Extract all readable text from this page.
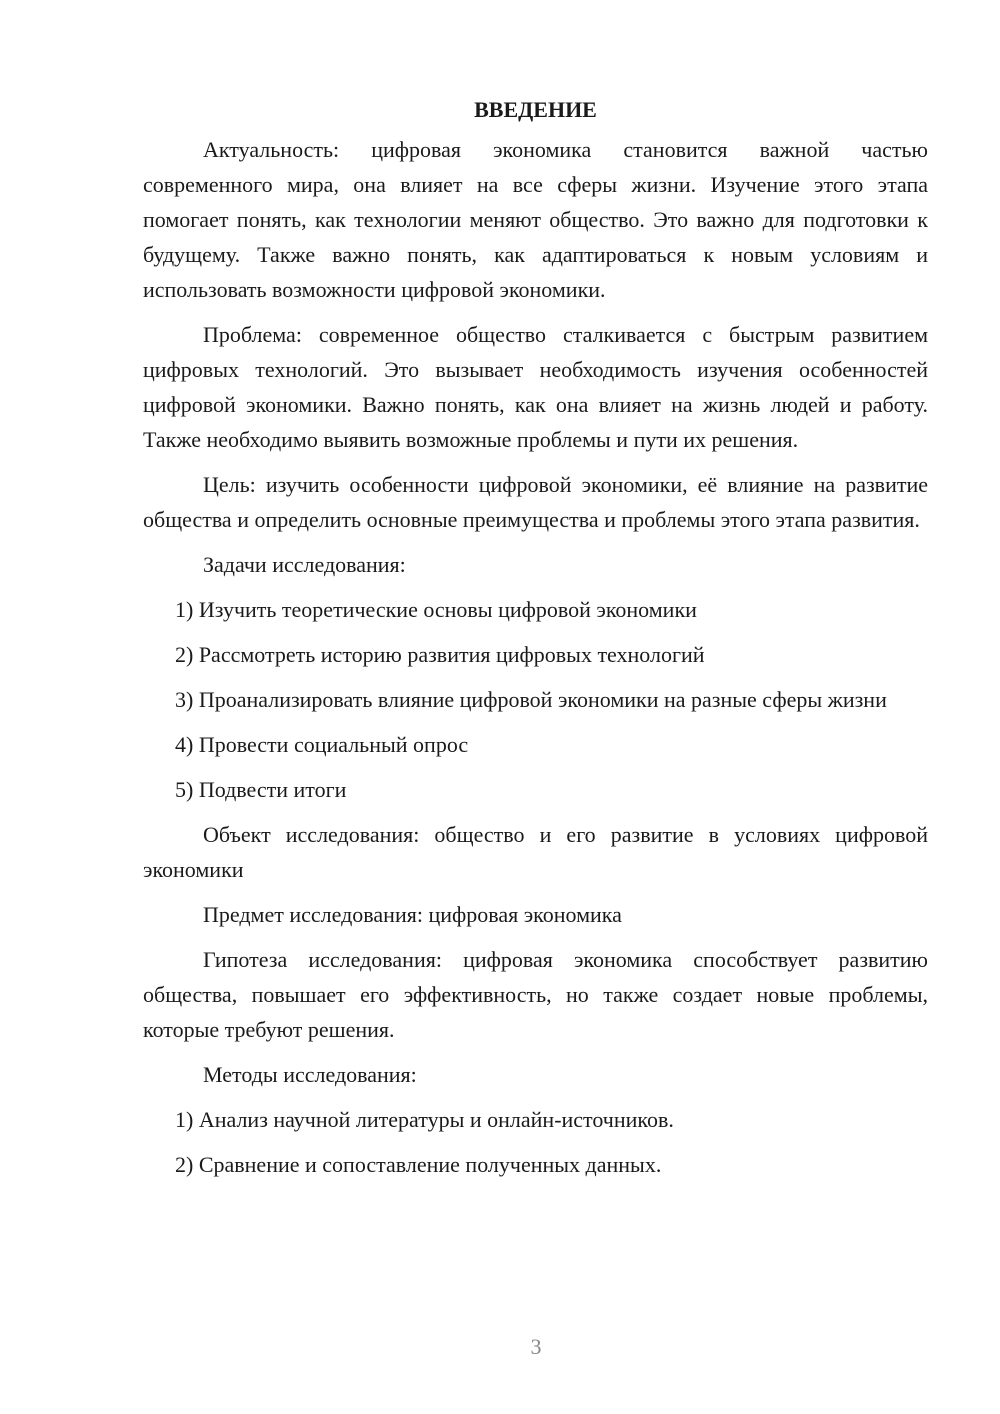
ВВЕДЕНИЕ

Актуальность: цифровая экономика становится важной частью современного мира, она влияет на все сферы жизни. Изучение этого этапа помогает понять, как технологии меняют общество. Это важно для подготовки к будущему. Также важно понять, как адаптироваться к новым условиям и использовать возможности цифровой экономики.

Проблема: современное общество сталкивается с быстрым развитием цифровых технологий. Это вызывает необходимость изучения особенностей цифровой экономики. Важно понять, как она влияет на жизнь людей и работу. Также необходимо выявить возможные проблемы и пути их решения.

Цель: изучить особенности цифровой экономики, её влияние на развитие общества и определить основные преимущества и проблемы этого этапа развития.

Задачи исследования:

1) Изучить теоретические основы цифровой экономики

2) Рассмотреть историю развития цифровых технологий

3) Проанализировать влияние цифровой экономики на разные сферы жизни

4) Провести социальный опрос

5) Подвести итоги

Объект исследования: общество и его развитие в условиях цифровой экономики

Предмет исследования: цифровая экономика

Гипотеза исследования: цифровая экономика способствует развитию общества, повышает его эффективность, но также создает новые проблемы, которые требуют решения.

Методы исследования:

1) Анализ научной литературы и онлайн-источников.

2) Сравнение и сопоставление полученных данных.

3
